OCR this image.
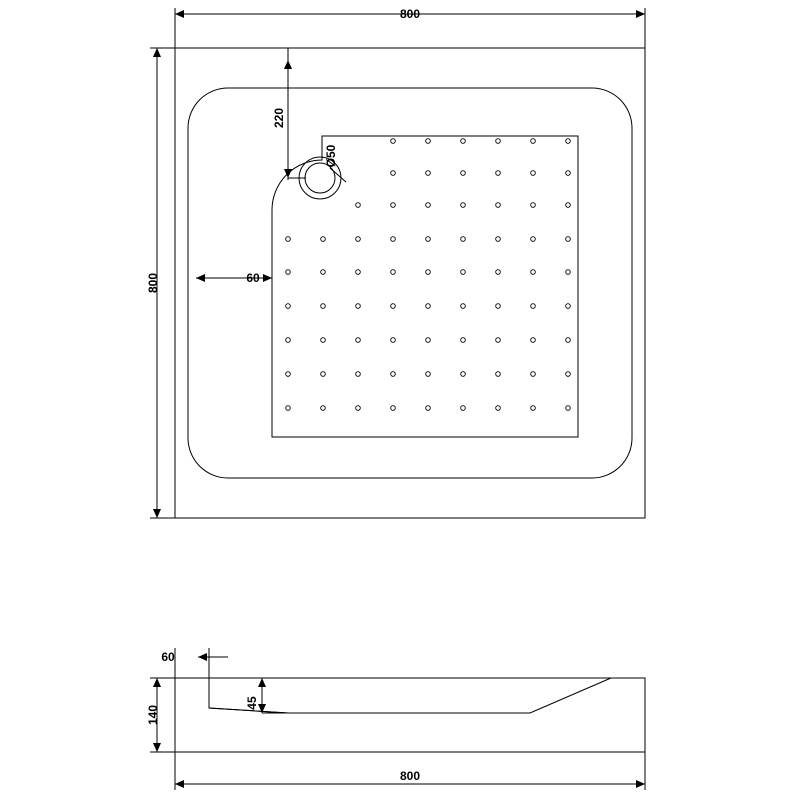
800
800
220
60
Ø50
60
45
140
800
